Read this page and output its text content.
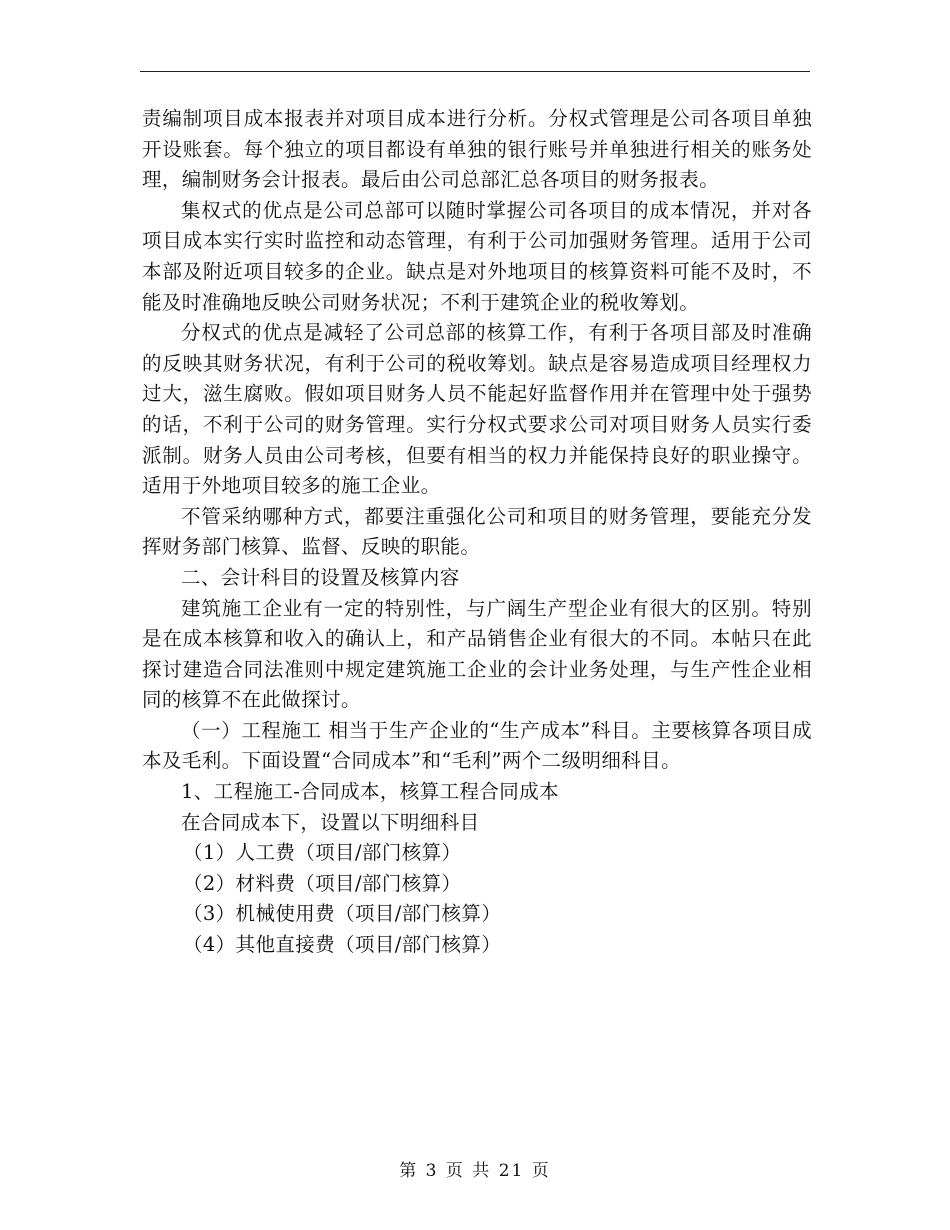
责编制项目成本报表并对项目成本进行分析。分权式管理是公司各项目单独开设账套。每个独立的项目都设有单独的银行账号并单独进行相关的账务处理，编制财务会计报表。最后由公司总部汇总各项目的财务报表。

集权式的优点是公司总部可以随时掌握公司各项目的成本情况，并对各项目成本实行实时监控和动态管理，有利于公司加强财务管理。适用于公司本部及附近项目较多的企业。缺点是对外地项目的核算资料可能不及时，不能及时准确地反映公司财务状况；不利于建筑企业的税收筹划。

分权式的优点是减轻了公司总部的核算工作，有利于各项目部及时准确的反映其财务状况，有利于公司的税收筹划。缺点是容易造成项目经理权力过大，滋生腐败。假如项目财务人员不能起好监督作用并在管理中处于强势的话，不利于公司的财务管理。实行分权式要求公司对项目财务人员实行委派制。财务人员由公司考核，但要有相当的权力并能保持良好的职业操守。适用于外地项目较多的施工企业。

不管采纳哪种方式，都要注重强化公司和项目的财务管理，要能充分发挥财务部门核算、监督、反映的职能。

二、会计科目的设置及核算内容

建筑施工企业有一定的特别性，与广阔生产型企业有很大的区别。特别是在成本核算和收入的确认上，和产品销售企业有很大的不同。本帖只在此探讨建造合同法准则中规定建筑施工企业的会计业务处理，与生产性企业相同的核算不在此做探讨。

（一）工程施工 相当于生产企业的“生产成本”科目。主要核算各项目成本及毛利。下面设置“合同成本”和“毛利”两个二级明细科目。

1、工程施工-合同成本，核算工程合同成本

在合同成本下，设置以下明细科目

（1）人工费（项目/部门核算）

（2）材料费（项目/部门核算）

（3）机械使用费（项目/部门核算）

（4）其他直接费（项目/部门核算）

第 3 页 共 21 页
